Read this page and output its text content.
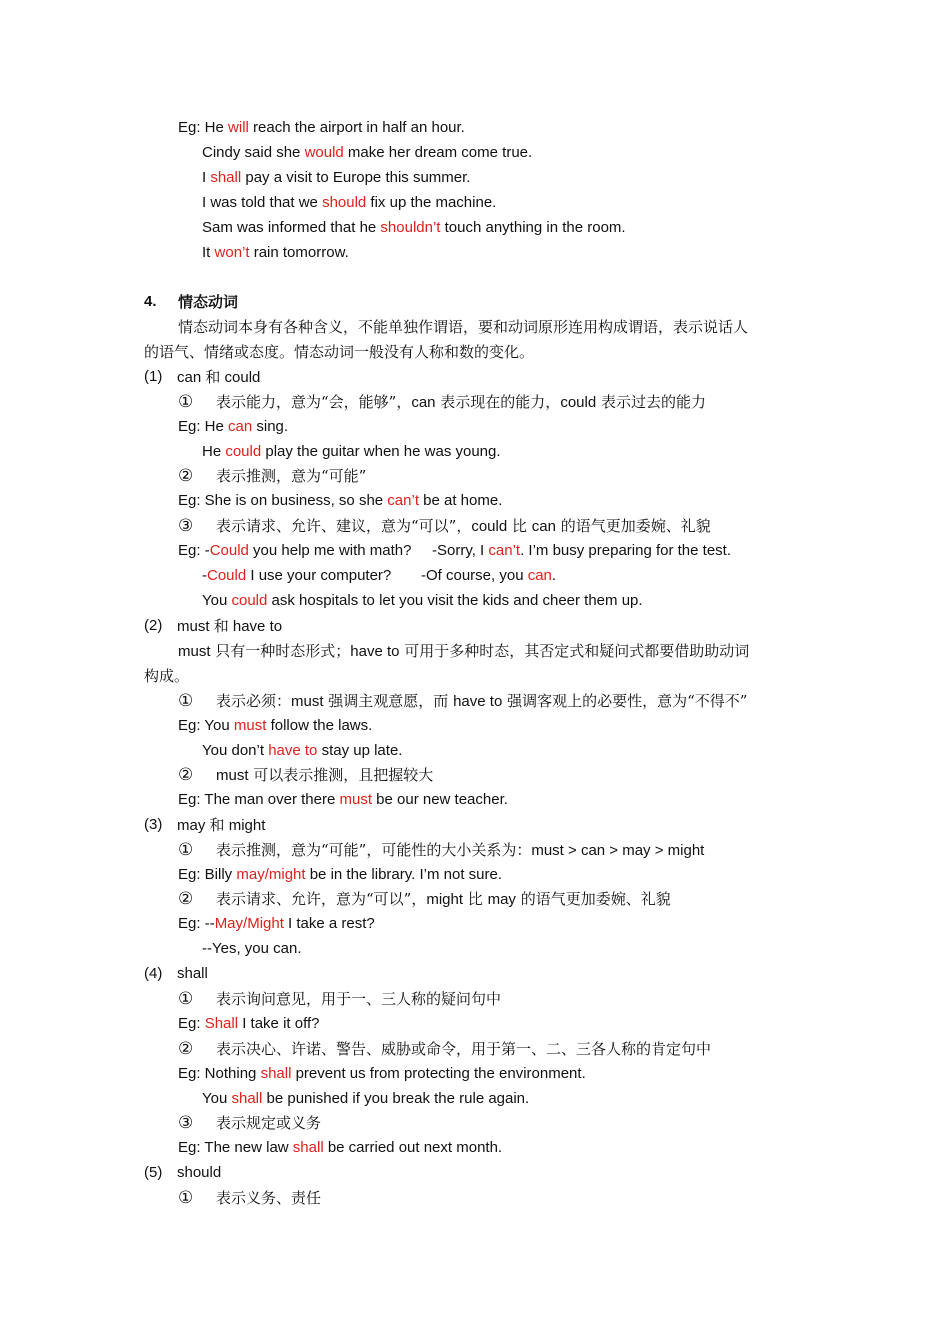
Eg: He will reach the airport in half an hour.
Cindy said she would make her dream come true.
I shall pay a visit to Europe this summer.
I was told that we should fix up the machine.
Sam was informed that he shouldn’t touch anything in the room.
It won’t rain tomorrow.
4. 情态动词
情态动词本身有各种含义，不能单独作谓语，要和动词原形连用构成谓语，表示说话人
的语气、情绪或态度。情态动词一般没有人称和数的变化。
(1) can 和 could
① 表示能力，意为“会，能够”，can 表示现在的能力，could 表示过去的能力
Eg: He can sing.
He could play the guitar when he was young.
② 表示推测，意为“可能”
Eg: She is on business, so she can’t be at home.
③ 表示请求、允许、建议，意为“可以”，could 比 can 的语气更加委婉、礼貌
Eg: -Could you help me with math? -Sorry, I can’t. I’m busy preparing for the test.
-Could I use your computer? -Of course, you can.
You could ask hospitals to let you visit the kids and cheer them up.
(2) must 和 have to
must 只有一种时态形式；have to 可用于多种时态，其否定式和疑问式都要借助助动词
构成。
① 表示必须：must 强调主观意愿，而 have to 强调客观上的必要性，意为“不得不”
Eg: You must follow the laws.
You don’t have to stay up late.
② must 可以表示推测，且把握较大
Eg: The man over there must be our new teacher.
(3) may 和 might
① 表示推测，意为“可能”，可能性的大小关系为：must > can > may > might
Eg: Billy may/might be in the library. I’m not sure.
② 表示请求、允许，意为“可以”，might 比 may 的语气更加委婉、礼貌
Eg: --May/Might I take a rest?
--Yes, you can.
(4) shall
① 表示询问意见，用于一、三人称的疑问句中
Eg: Shall I take it off?
② 表示决心、许诺、警告、威胁或命令，用于第一、二、三各人称的肯定句中
Eg: Nothing shall prevent us from protecting the environment.
You shall be punished if you break the rule again.
③ 表示规定或义务
Eg: The new law shall be carried out next month.
(5) should
① 表示义务、责任
